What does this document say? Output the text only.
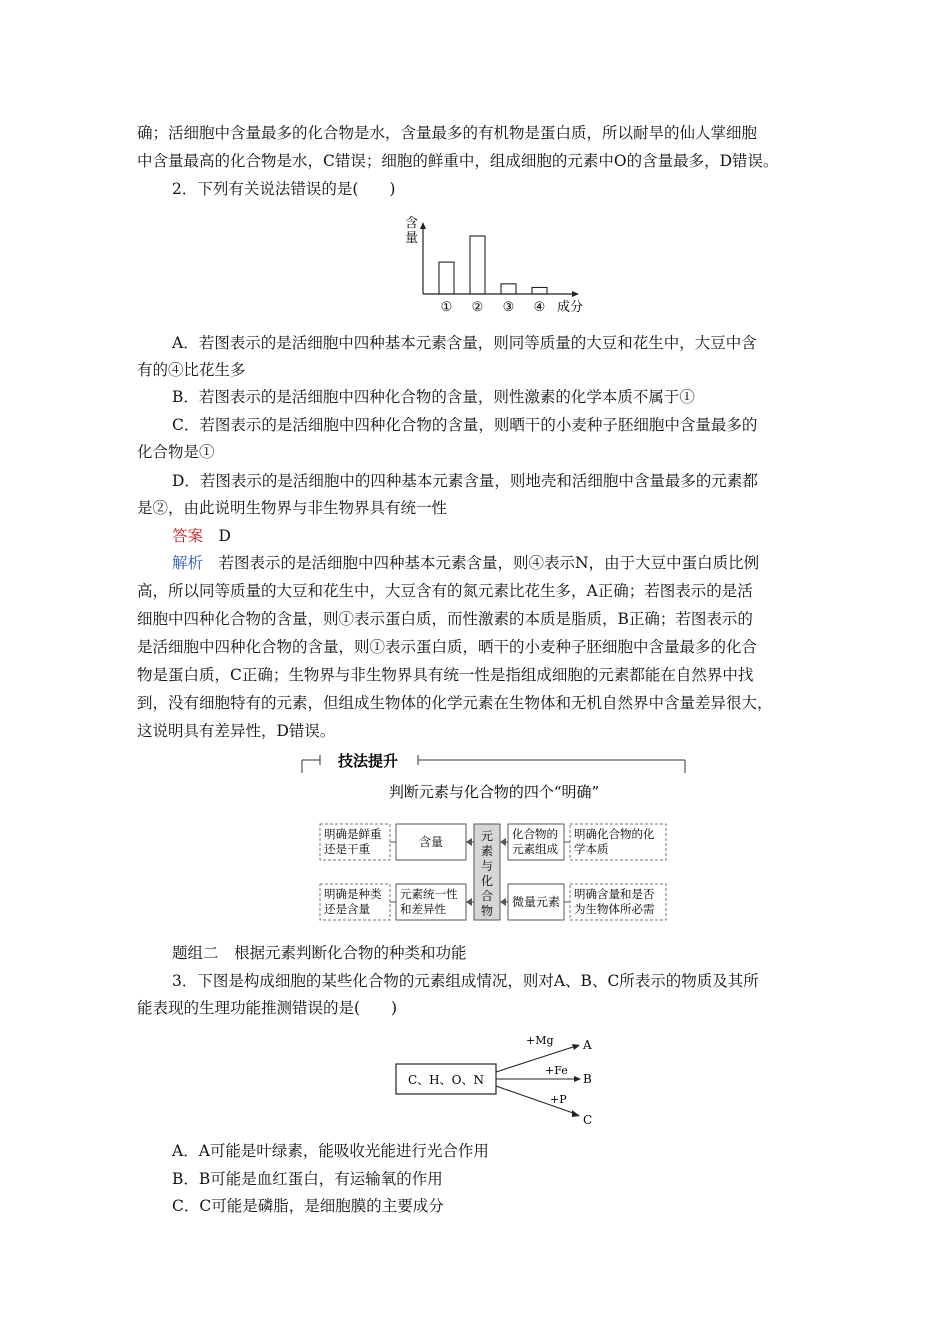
确；活细胞中含量最多的化合物是水，含量最多的有机物是蛋白质，所以耐旱的仙人掌细胞
中含量最高的化合物是水，C错误；细胞的鲜重中，组成细胞的元素中O的含量最多，D错误。
2．下列有关说法错误的是(　　)
含
量
① ② ③ ④ 成分
A．若图表示的是活细胞中四种基本元素含量，则同等质量的大豆和花生中，大豆中含
有的④比花生多
B．若图表示的是活细胞中四种化合物的含量，则性激素的化学本质不属于①
C．若图表示的是活细胞中四种化合物的含量，则晒干的小麦种子胚细胞中含量最多的
化合物是①
D．若图表示的是活细胞中的四种基本元素含量，则地壳和活细胞中含量最多的元素都
是②，由此说明生物界与非生物界具有统一性
答案　 D
解析　 若图表示的是活细胞中四种基本元素含量，则④表示N，由于大豆中蛋白质比例
高，所以同等质量的大豆和花生中，大豆含有的氮元素比花生多，A正确；若图表示的是活
细胞中四种化合物的含量，则①表示蛋白质，而性激素的本质是脂质，B正确；若图表示的
是活细胞中四种化合物的含量，则①表示蛋白质，晒干的小麦种子胚细胞中含量最多的化合
物是蛋白质，C正确；生物界与非生物界具有统一性是指组成细胞的元素都能在自然界中找
到，没有细胞特有的元素，但组成生物体的化学元素在生物体和无机自然界中含量差异很大，
这说明具有差异性，D错误。
技法提升
判断元素与化合物的四个“明确”
元
素
与
化
合
物
明确是鲜重
还是干重	含量
化合物的
元素组成
明确化合物的化
学本质
明确是种类
还是含量
元素统一性
和差异性	微量元素
明确含量和是否
为生物体所必需
题组二　根据元素判断化合物的种类和功能
3．下图是构成细胞的某些化合物的元素组成情况，则对A、B、C所表示的物质及其所
能表现的生理功能推测错误的是(　　)
C、H、O、N
+Mg A
+Fe
B
+P
C
A．A可能是叶绿素，能吸收光能进行光合作用
B．B可能是血红蛋白，有运输氧的作用
C．C可能是磷脂，是细胞膜的主要成分
